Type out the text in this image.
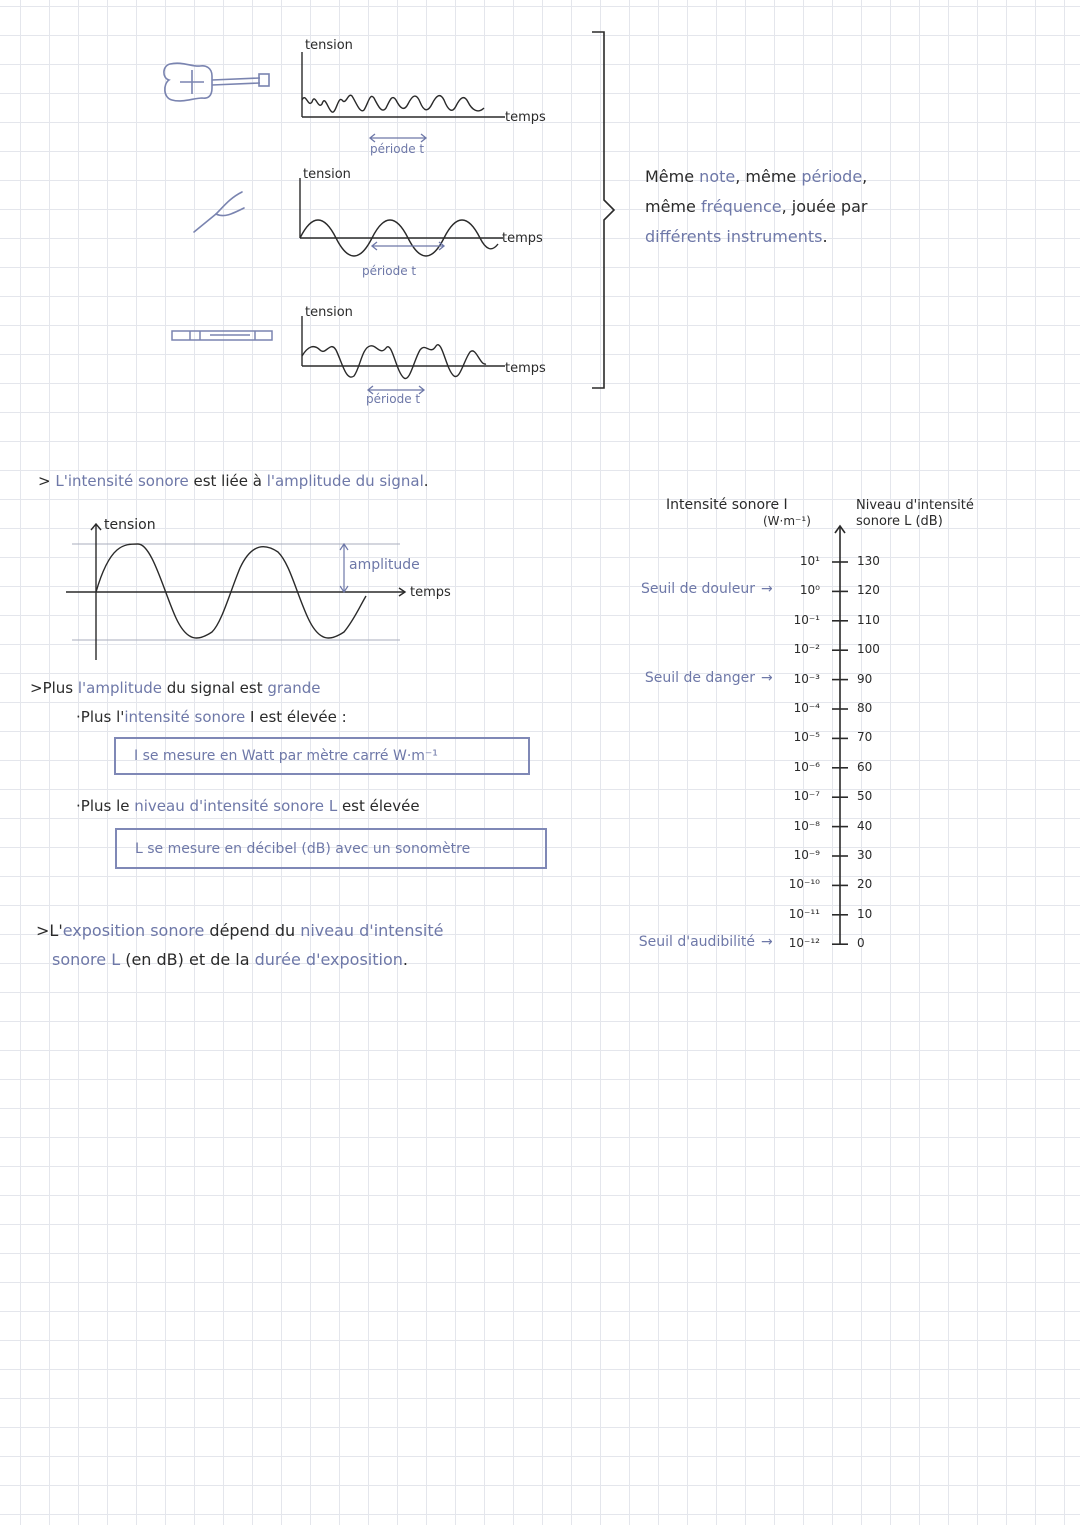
tension
temps
période t
tension
temps
période t
tension
temps
période t
Même note, même période,
même fréquence, jouée par
différents instruments.
> L'intensité sonore est liée à l'amplitude du signal.
tension
amplitude
temps
>Plus l'amplitude du signal est grande
·Plus l'intensité sonore I est élevée :
I se mesure en Watt par mètre carré W·m⁻¹
·Plus le niveau d'intensité sonore L est élevée
L se mesure en décibel (dB) avec un sonomètre
>L'exposition sonore dépend du niveau d'intensité
sonore L (en dB) et de la durée d'exposition.
Intensité sonore I
(W·m⁻¹)
Niveau d'intensité
sonore L (dB)
130
10¹
120
10⁰
110
10⁻¹
100
10⁻²
90
10⁻³
80
10⁻⁴
70
10⁻⁵
60
10⁻⁶
50
10⁻⁷
40
10⁻⁸
30
10⁻⁹
20
10⁻¹⁰
10
10⁻¹¹
0
10⁻¹²
Seuil de douleur →
Seuil de danger →
Seuil d'audibilité →
